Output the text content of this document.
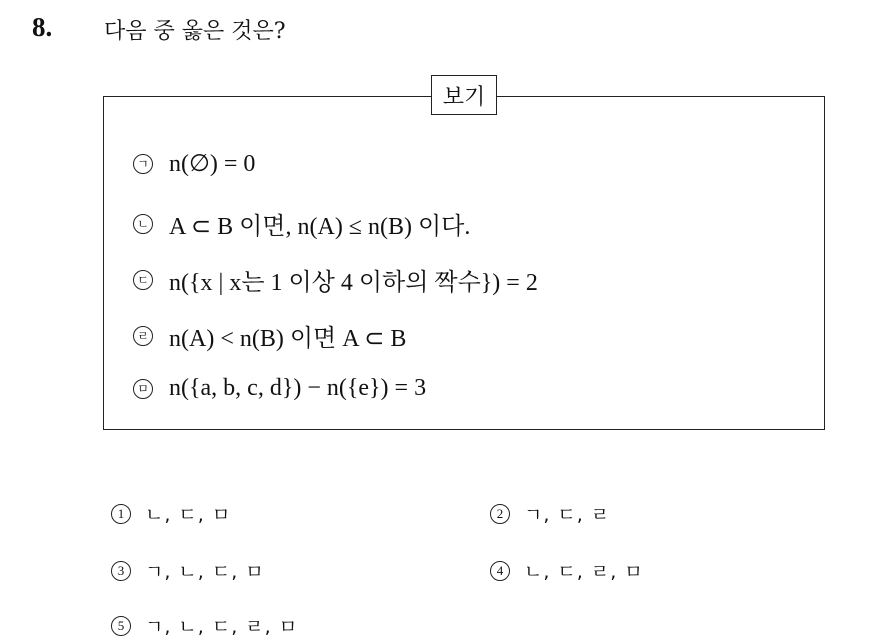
8. 다음 중 옳은 것은?
보기
ㄱ n(∅) = 0
ㄴ A ⊂ B 이면, n(A) ≤ n(B) 이다.
ㄷ n({x | x는 1 이상 4 이하의 짝수}) = 2
ㄹ n(A) < n(B) 이면 A ⊂ B
ㅁ n({a, b, c, d}) − n({e}) = 3
1	ㄴ, ㄷ, ㅁ	2	ㄱ, ㄷ, ㄹ
3	ㄱ, ㄴ, ㄷ, ㅁ	4	ㄴ, ㄷ, ㄹ, ㅁ
5	ㄱ, ㄴ, ㄷ, ㄹ, ㅁ
